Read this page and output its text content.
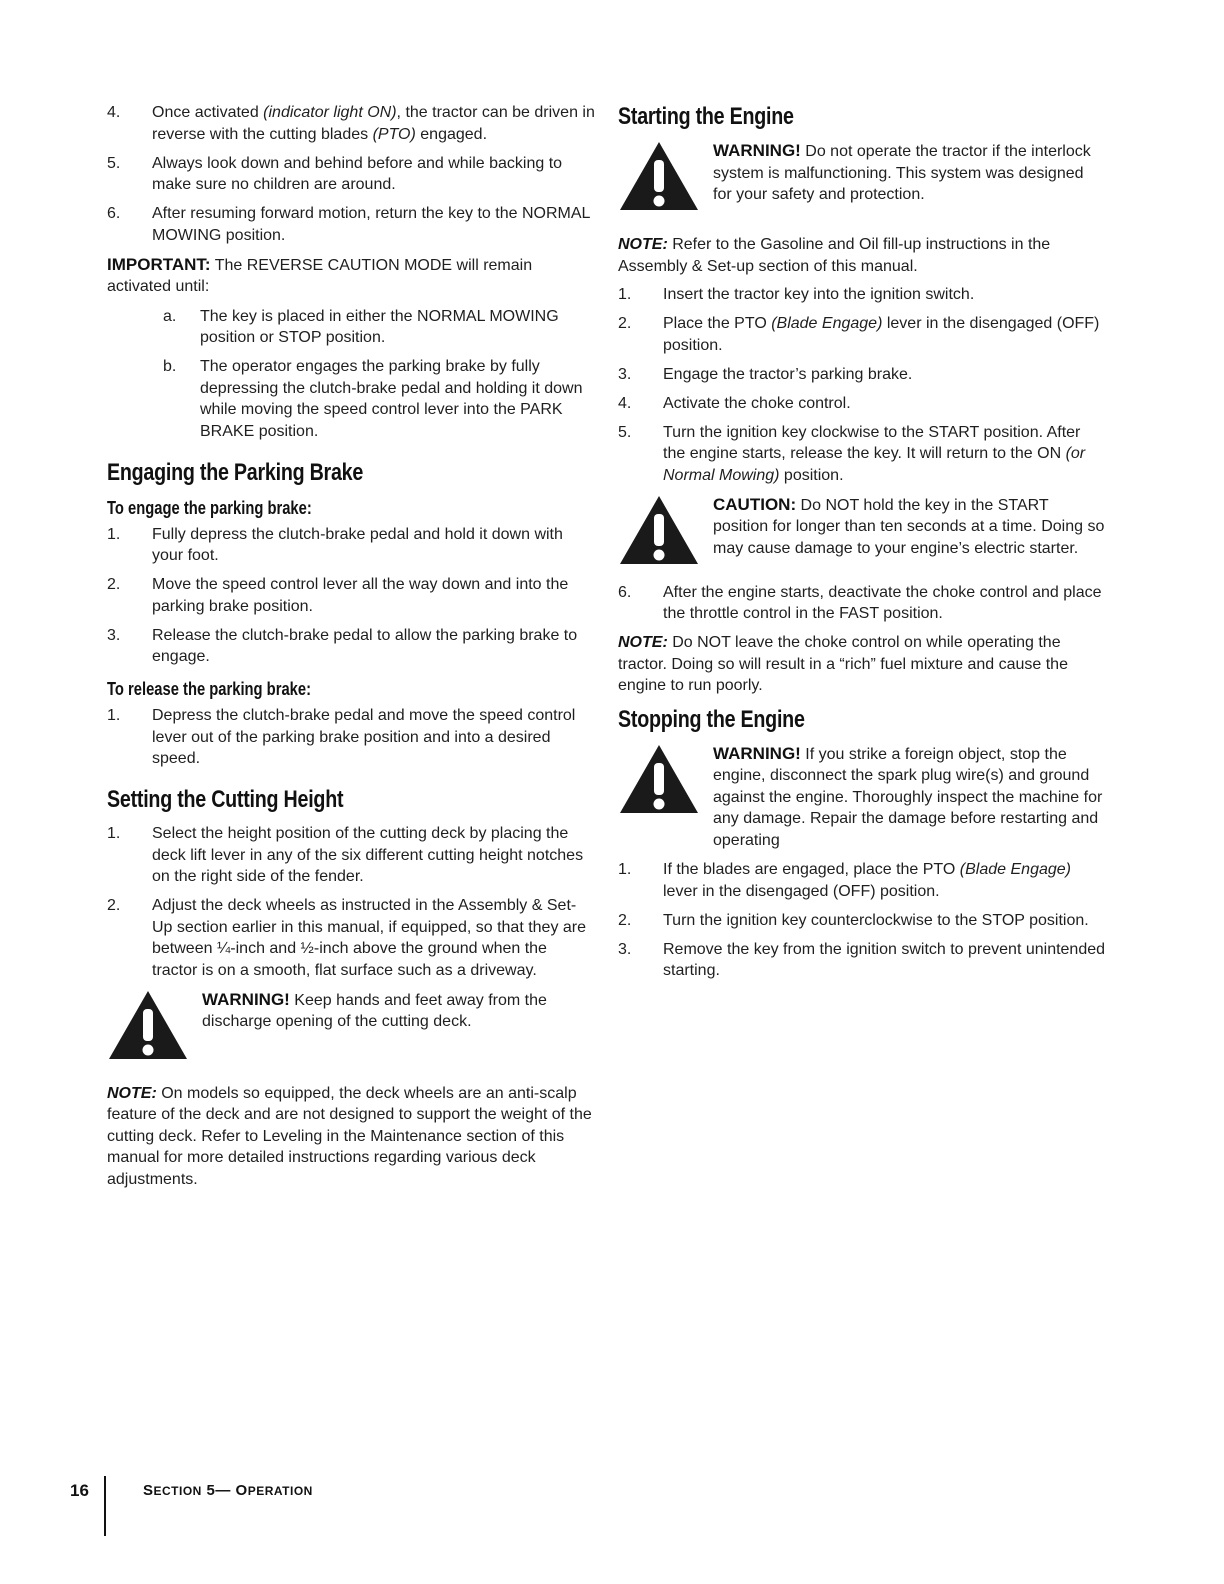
4. Once activated (indicator light ON), the tractor can be driven in reverse with the cutting blades (PTO) engaged.
5. Always look down and behind before and while backing to make sure no children are around.
6. After resuming forward motion, return the key to the NORMAL MOWING position.

IMPORTANT: The REVERSE CAUTION MODE will remain activated until:

a. The key is placed in either the NORMAL MOWING position or STOP position.
b. The operator engages the parking brake by fully depressing the clutch-brake pedal and holding it down while moving the speed control lever into the PARK BRAKE position.
Engaging the Parking Brake
To engage the parking brake:
1. Fully depress the clutch-brake pedal and hold it down with your foot.
2. Move the speed control lever all the way down and into the parking brake position.
3. Release the clutch-brake pedal to allow the parking brake to engage.
To release the parking brake:
1. Depress the clutch-brake pedal and move the speed control lever out of the parking brake position and into a desired speed.
Setting the Cutting Height
1. Select the height position of the cutting deck by placing the deck lift lever in any of the six different cutting height notches on the right side of the fender.
2. Adjust the deck wheels as instructed in the Assembly & Set-Up section earlier in this manual, if equipped, so that they are between ¼-inch and ½-inch above the ground when the tractor is on a smooth, flat surface such as a driveway.
WARNING! Keep hands and feet away from the discharge opening of the cutting deck.

NOTE: On models so equipped, the deck wheels are an anti-scalp feature of the deck and are not designed to support the weight of the cutting deck. Refer to Leveling in the Maintenance section of this manual for more detailed instructions regarding various deck adjustments.

Starting the Engine
WARNING! Do not operate the tractor if the interlock system is malfunctioning. This system was designed for your safety and protection.

NOTE: Refer to the Gasoline and Oil fill-up instructions in the Assembly & Set-up section of this manual.

1. Insert the tractor key into the ignition switch.
2. Place the PTO (Blade Engage) lever in the disengaged (OFF) position.
3. Engage the tractor’s parking brake.
4. Activate the choke control.
5. Turn the ignition key clockwise to the START position. After the engine starts, release the key. It will return to the ON (or Normal Mowing) position.
CAUTION: Do NOT hold the key in the START position for longer than ten seconds at a time. Doing so may cause damage to your engine’s electric starter.
6. After the engine starts, deactivate the choke control and place the throttle control in the FAST position.

NOTE: Do NOT leave the choke control on while operating the tractor. Doing so will result in a “rich” fuel mixture and cause the engine to run poorly.

Stopping the Engine
WARNING! If you strike a foreign object, stop the engine, disconnect the spark plug wire(s) and ground against the engine. Thoroughly inspect the machine for any damage. Repair the damage before restarting and operating
1. If the blades are engaged, place the PTO (Blade Engage) lever in the disengaged (OFF) position.
2. Turn the ignition key counterclockwise to the STOP position.
3. Remove the key from the ignition switch to prevent unintended starting.
16	SECTION 5— OPERATION
